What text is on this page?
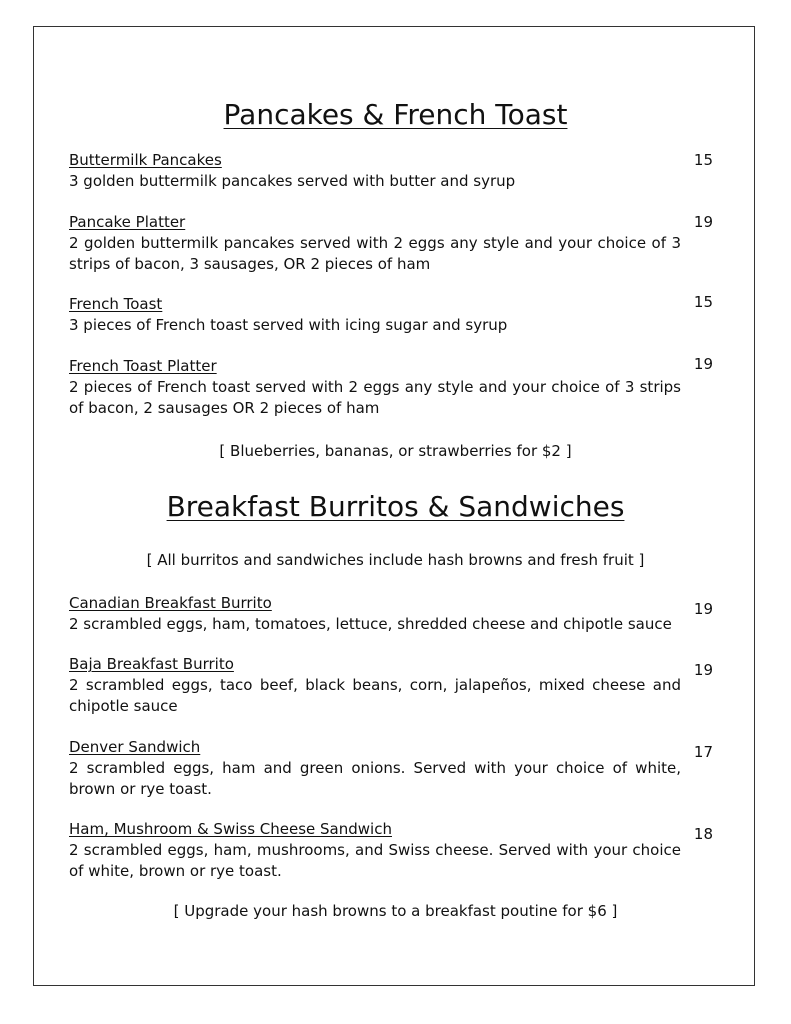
Pancakes & French Toast
Buttermilk Pancakes
3 golden buttermilk pancakes served with butter and syrup
15
Pancake Platter
2 golden buttermilk pancakes served with 2 eggs any style and your choice of 3 strips of bacon, 3 sausages, OR 2 pieces of ham
19
French Toast
3 pieces of French toast served with icing sugar and syrup
15
French Toast Platter
2 pieces of French toast served with 2 eggs any style and your choice of 3 strips of bacon, 2 sausages OR 2 pieces of ham
19
[ Blueberries, bananas, or strawberries for $2 ]
Breakfast Burritos & Sandwiches
[ All burritos and sandwiches include hash browns and fresh fruit ]
Canadian Breakfast Burrito
2 scrambled eggs, ham, tomatoes, lettuce, shredded cheese and chipotle sauce
19
Baja Breakfast Burrito
2 scrambled eggs, taco beef, black beans, corn, jalapeños, mixed cheese and chipotle sauce
19
Denver Sandwich
2 scrambled eggs, ham and green onions. Served with your choice of white, brown or rye toast.
17
Ham, Mushroom & Swiss Cheese Sandwich
2 scrambled eggs, ham, mushrooms, and Swiss cheese. Served with your choice of white, brown or rye toast.
18
[ Upgrade your hash browns to a breakfast poutine for $6 ]
